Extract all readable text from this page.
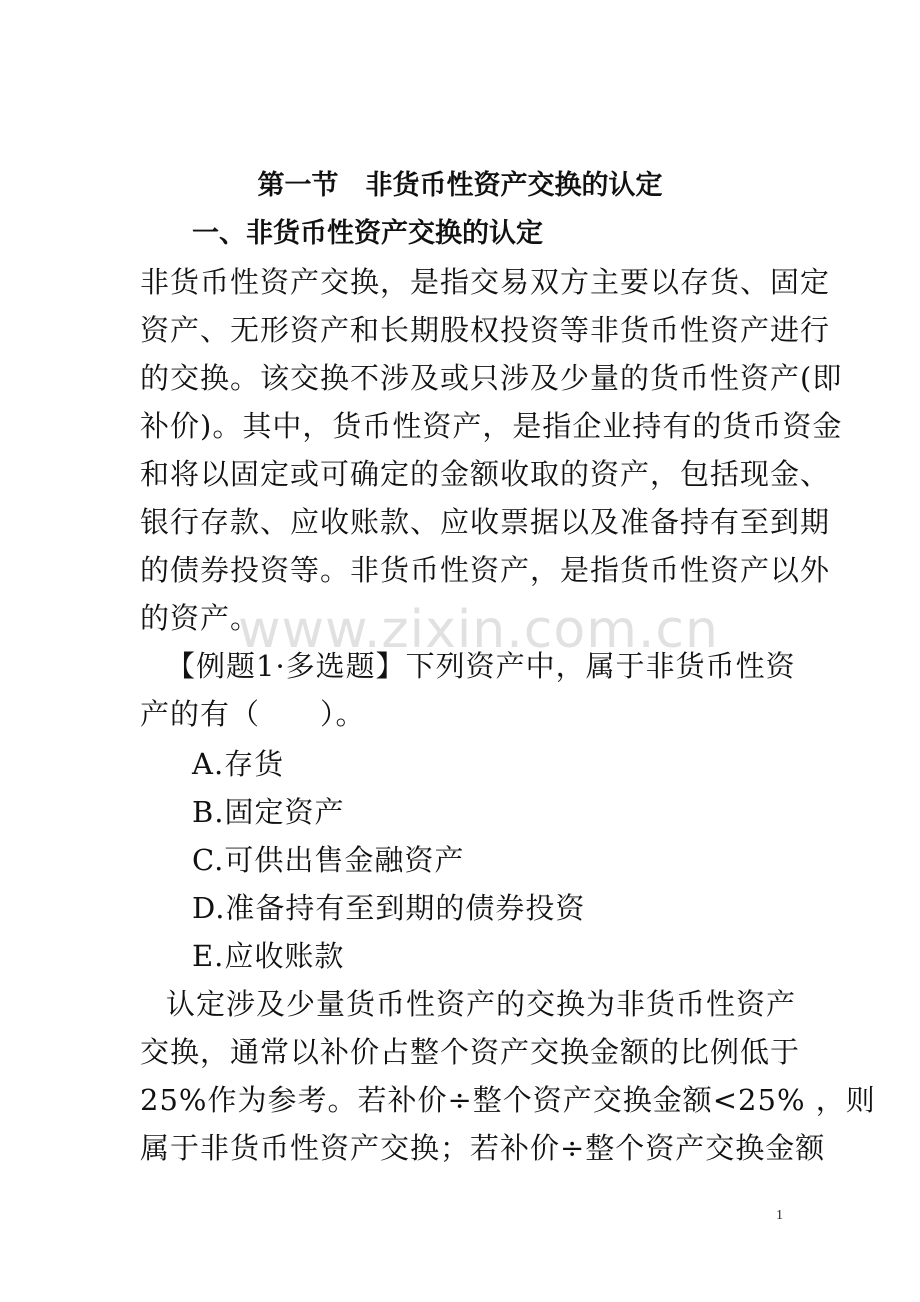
第一节　非货币性资产交换的认定
一、非货币性资产交换的认定
非货币性资产交换，是指交易双方主要以存货、固定
资产、无形资产和长期股权投资等非货币性资产进行
的交换。该交换不涉及或只涉及少量的货币性资产(即
补价)。其中，货币性资产，是指企业持有的货币资金
和将以固定或可确定的金额收取的资产，包括现金、
银行存款、应收账款、应收票据以及准备持有至到期
的债券投资等。非货币性资产，是指货币性资产以外
的资产。
www.zixin.com.cn
【例题1·多选题】下列资产中，属于非货币性资
产的有（　　）。
A.存货
B.固定资产
C.可供出售金融资产
D.准备持有至到期的债券投资
E.应收账款
认定涉及少量货币性资产的交换为非货币性资产
交换，通常以补价占整个资产交换金额的比例低于
25%作为参考。若补价÷整个资产交换金额<25% ，则
属于非货币性资产交换；若补价÷整个资产交换金额
1
